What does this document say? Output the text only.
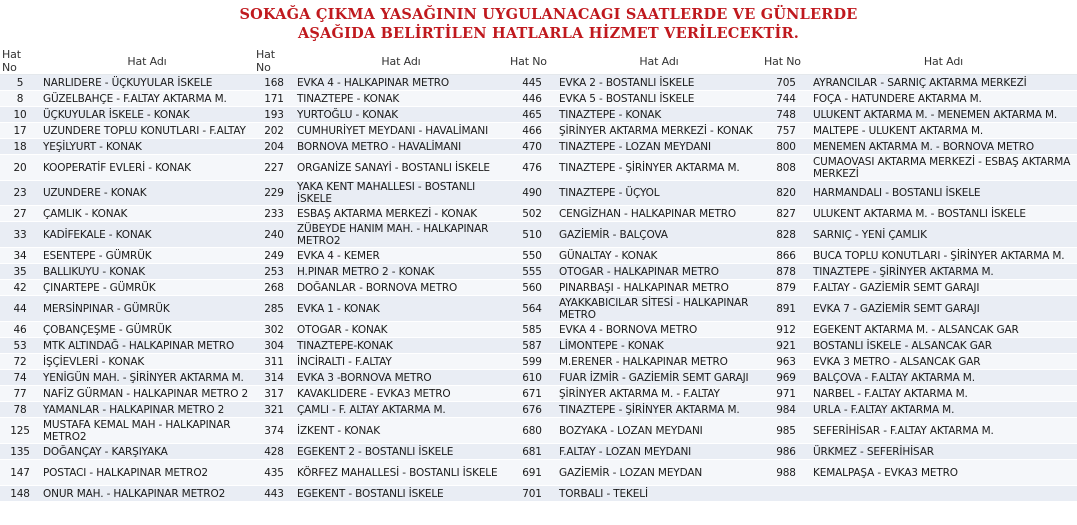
SOKAĞA ÇIKMA YASAĞININ UYGULANACAGI SAATLERDE VE GÜNLERDE
AŞAĞIDA BELİRTİLEN HATLARLA HİZMET VERİLECEKTİR.
Hat No	Hat Adı	Hat No	Hat Adı	Hat No	Hat Adı	Hat No	Hat Adı
5	NARLIDERE - ÜÇKUYULAR İSKELE	168	EVKA 4 - HALKAPINAR METRO	445	EVKA 2 - BOSTANLI İSKELE	705	AYRANCILAR - SARNIÇ AKTARMA MERKEZİ
8	GÜZELBAHÇE - F.ALTAY AKTARMA M.	171	TINAZTEPE - KONAK	446	EVKA 5 - BOSTANLI İSKELE	744	FOÇA - HATUNDERE AKTARMA M.
10	ÜÇKUYULAR İSKELE - KONAK	193	YURTOĞLU - KONAK	465	TINAZTEPE - KONAK	748	ULUKENT AKTARMA M. - MENEMEN AKTARMA M.
17	UZUNDERE TOPLU KONUTLARI - F.ALTAY	202	CUMHURİYET MEYDANI - HAVALİMANI	466	ŞİRİNYER AKTARMA MERKEZİ - KONAK	757	MALTEPE - ULUKENT AKTARMA M.
18	YEŞİLYURT - KONAK	204	BORNOVA METRO - HAVALİMANI	470	TINAZTEPE - LOZAN MEYDANI	800	MENEMEN AKTARMA M. - BORNOVA METRO
20	KOOPERATİF EVLERİ - KONAK	227	ORGANİZE SANAYİ - BOSTANLI İSKELE	476	TINAZTEPE - ŞİRİNYER AKTARMA M.	808	CUMAOVASI AKTARMA MERKEZİ - ESBAŞ AKTARMA MERKEZİ
23	UZUNDERE - KONAK	229	YAKA KENT MAHALLESİ - BOSTANLI İSKELE	490	TINAZTEPE - ÜÇYOL	820	HARMANDALI - BOSTANLI İSKELE
27	ÇAMLIK - KONAK	233	ESBAŞ AKTARMA MERKEZİ - KONAK	502	CENGİZHAN - HALKAPINAR METRO	827	ULUKENT AKTARMA M. - BOSTANLI İSKELE
33	KADİFEKALE - KONAK	240	ZÜBEYDE HANIM MAH. - HALKAPINAR METRO2	510	GAZİEMİR - BALÇOVA	828	SARNIÇ - YENİ ÇAMLIK
34	ESENTEPE - GÜMRÜK	249	EVKA 4 - KEMER	550	GÜNALTAY - KONAK	866	BUCA TOPLU KONUTLARI - ŞİRİNYER AKTARMA M.
35	BALLIKUYU - KONAK	253	H.PINAR METRO 2 - KONAK	555	OTOGAR - HALKAPINAR METRO	878	TINAZTEPE - ŞİRİNYER AKTARMA M.
42	ÇINARTEPE - GÜMRÜK	268	DOĞANLAR - BORNOVA METRO	560	PINARBAŞI - HALKAPINAR METRO	879	F.ALTAY - GAZİEMİR SEMT GARAJI
44	MERSİNPINAR - GÜMRÜK	285	EVKA 1 - KONAK	564	AYAKKABICILAR SİTESİ - HALKAPINAR METRO	891	EVKA 7 - GAZİEMİR SEMT GARAJI
46	ÇOBANÇEŞME - GÜMRÜK	302	OTOGAR - KONAK	585	EVKA 4 - BORNOVA METRO	912	EGEKENT AKTARMA M. - ALSANCAK GAR
53	MTK ALTINDAĞ - HALKAPINAR METRO	304	TINAZTEPE-KONAK	587	LİMONTEPE - KONAK	921	BOSTANLI İSKELE - ALSANCAK GAR
72	İŞÇİEVLERİ - KONAK	311	İNCİRALTI - F.ALTAY	599	M.ERENER - HALKAPINAR METRO	963	EVKA 3 METRO - ALSANCAK GAR
74	YENİGÜN MAH. - ŞİRİNYER AKTARMA M.	314	EVKA 3 -BORNOVA METRO	610	FUAR İZMİR - GAZİEMİR SEMT GARAJI	969	BALÇOVA - F.ALTAY AKTARMA M.
77	NAFİZ GÜRMAN - HALKAPINAR METRO 2	317	KAVAKLIDERE - EVKA3 METRO	671	ŞİRİNYER AKTARMA M. - F.ALTAY	971	NARBEL - F.ALTAY AKTARMA M.
78	YAMANLAR - HALKAPINAR METRO 2	321	ÇAMLI - F. ALTAY AKTARMA M.	676	TINAZTEPE - ŞİRİNYER AKTARMA M.	984	URLA - F.ALTAY AKTARMA M.
125	MUSTAFA KEMAL MAH - HALKAPINAR METRO2	374	İZKENT - KONAK	680	BOZYAKA - LOZAN MEYDANI	985	SEFERİHİSAR - F.ALTAY AKTARMA M.
135	DOĞANÇAY - KARŞIYAKA	428	EGEKENT 2 - BOSTANLI İSKELE	681	F.ALTAY - LOZAN MEYDANI	986	ÜRKMEZ - SEFERİHİSAR
147	POSTACI - HALKAPINAR METRO2	435	KÖRFEZ MAHALLESİ - BOSTANLI İSKELE	691	GAZİEMİR - LOZAN MEYDAN	988	KEMALPAŞA - EVKA3 METRO
148	ONUR MAH. - HALKAPINAR METRO2	443	EGEKENT - BOSTANLI İSKELE	701	TORBALI - TEKELİ		
